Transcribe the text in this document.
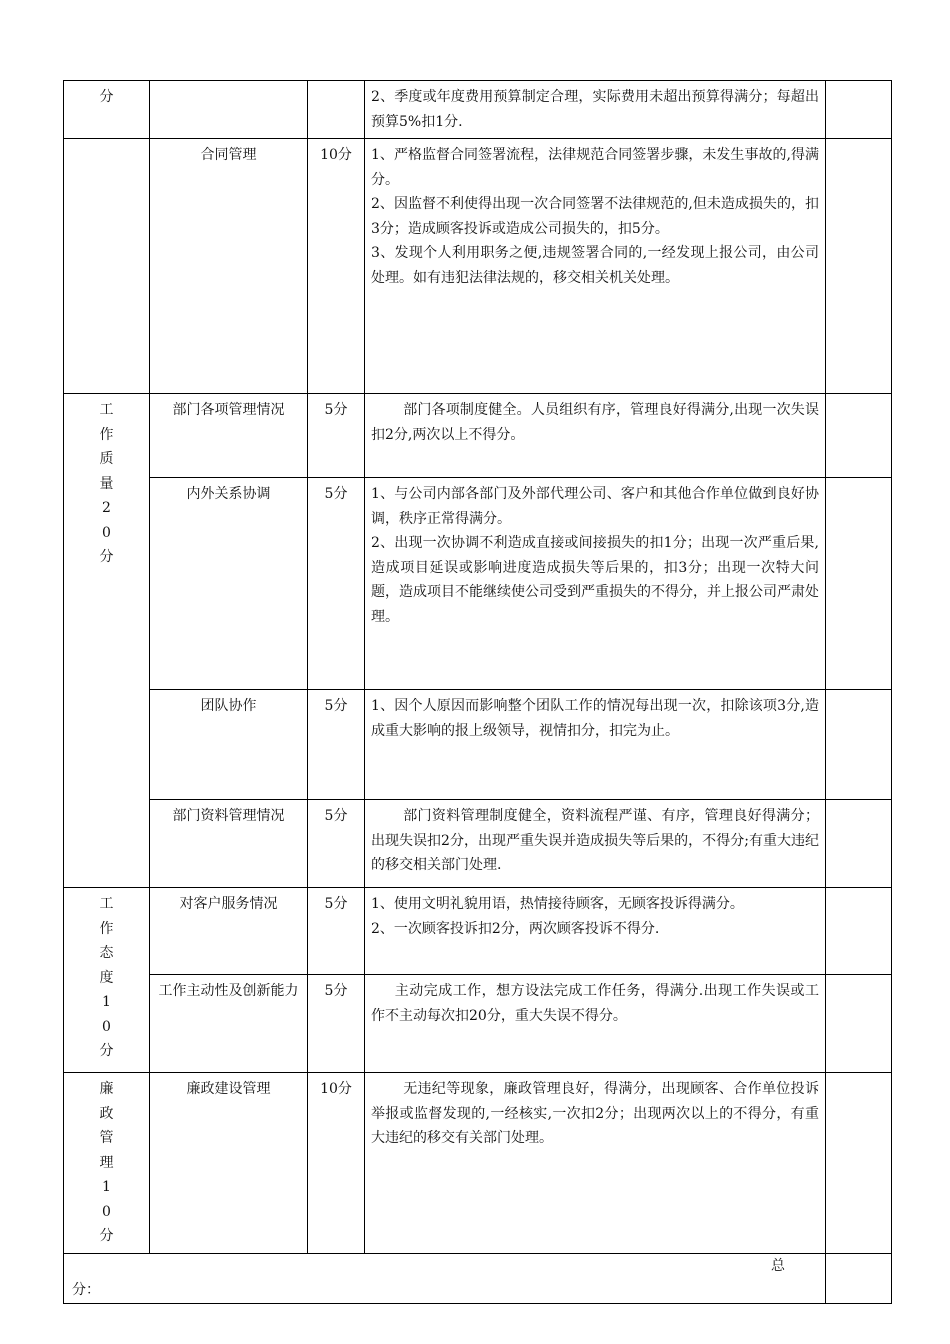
分			2、季度或年度费用预算制定合理，实际费用未超出预算得满分；每超出预算5%扣1分.	

	合同管理	10分	1、严格监督合同签署流程，法律规范合同签署步骤，未发生事故的,得满分。

2、因监督不利使得出现一次合同签署不法律规范的,但未造成损失的，扣3分；造成顾客投诉或造成公司损失的，扣5分。

3、发现个人利用职务之便,违规签署合同的,一经发现上报公司，由公司处理。如有违犯法律法规的，移交相关机关处理。	

工作质量20分	部门各项管理情况	5分	部门各项制度健全。人员组织有序，管理良好得满分,出现一次失误扣2分,两次以上不得分。	

	内外关系协调	5分	1、与公司内部各部门及外部代理公司、客户和其他合作单位做到良好协调，秩序正常得满分。

2、出现一次协调不利造成直接或间接损失的扣1分；出现一次严重后果,造成项目延误或影响进度造成损失等后果的，扣3分；出现一次特大问题，造成项目不能继续使公司受到严重损失的不得分，并上报公司严肃处理。	

	团队协作	5分	1、因个人原因而影响整个团队工作的情况每出现一次，扣除该项3分,造成重大影响的报上级领导，视情扣分，扣完为止。	

	部门资料管理情况	5分	部门资料管理制度健全，资料流程严谨、有序，管理良好得满分；出现失误扣2分，出现严重失误并造成损失等后果的，不得分;有重大违纪的移交相关部门处理.	

工作态度10分	对客户服务情况	5分	1、使用文明礼貌用语，热情接待顾客，无顾客投诉得满分。

2、一次顾客投诉扣2分，两次顾客投诉不得分.	

	工作主动性及创新能力	5分	主动完成工作，想方设法完成工作任务，得满分.出现工作失误或工作不主动每次扣20分，重大失误不得分。	

廉政管理10分	廉政建设管理	10分	无违纪等现象，廉政管理良好，得满分，出现顾客、合作单位投诉举报或监督发现的,一经核实,一次扣2分；出现两次以上的不得分，有重大违纪的移交有关部门处理。	

总
分：				
